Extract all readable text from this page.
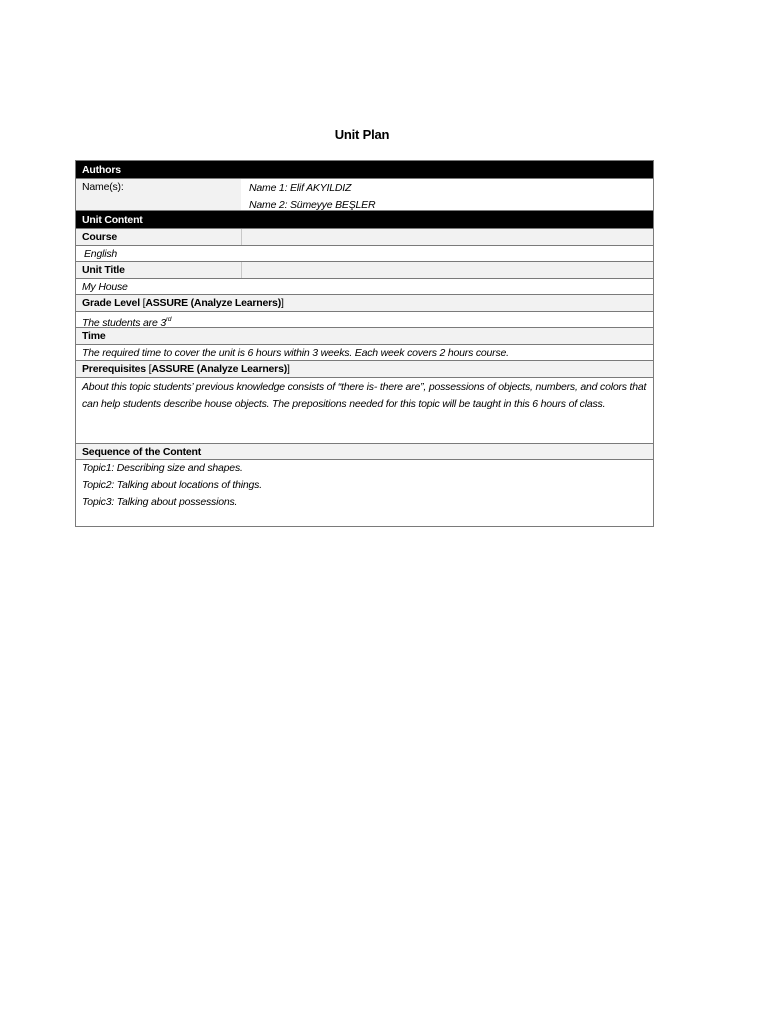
Unit Plan
Authors
Name(s):	Name 1: Elif AKYILDIZ
Name 2: Sümeyye BEŞLER
Unit Content
Course
English
Unit Title
My House
Grade Level [ASSURE (Analyze Learners)]
The students are 3rd
Time
The required time to cover the unit is 6 hours within 3 weeks. Each week covers 2 hours course.
Prerequisites [ASSURE (Analyze Learners)]
About this topic students’ previous knowledge consists of “there is- there are”, possessions of objects, numbers, and colors that can help students describe house objects. The prepositions needed for this topic will be taught in this 6 hours of class.
Sequence of the Content
Topic1: Describing size and shapes.
Topic2: Talking about locations of things.
Topic3: Talking about possessions.
